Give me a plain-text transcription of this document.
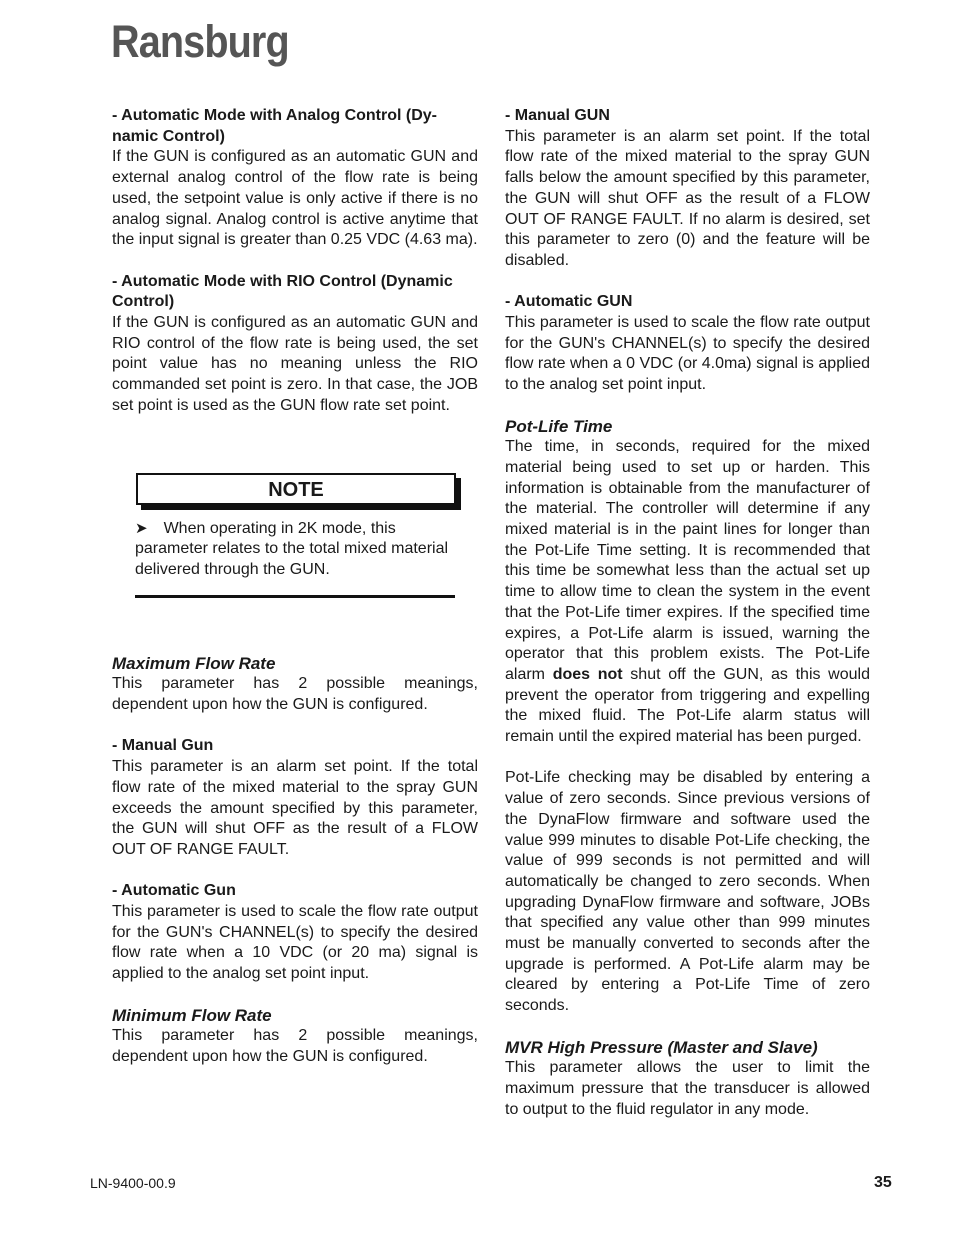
Ransburg

- Automatic Mode with Analog Control (Dy-namic Control)

If the GUN is configured as an automatic GUN and external analog control of the flow rate is being used, the setpoint value is only active if there is no analog signal. Analog control is active anytime that the input signal is greater than 0.25 VDC (4.63 ma).

- Automatic Mode with RIO Control (Dynamic Control)

If the GUN is configured as an automatic GUN and RIO control of the flow rate is being used, the set point value has no meaning unless the RIO commanded set point is zero. In that case, the JOB set point is used as the GUN flow rate set point.

NOTE
➤ When operating in 2K mode, this parameter relates to the total mixed material delivered through the GUN.

Maximum Flow Rate

This parameter has 2 possible meanings, dependent upon how the GUN is configured.

- Manual Gun

This parameter is an alarm set point. If the total flow rate of the mixed material to the spray GUN exceeds the amount specified by this parameter, the GUN will shut OFF as the result of a FLOW OUT OF RANGE FAULT.

- Automatic Gun

This parameter is used to scale the flow rate output for the GUN's CHANNEL(s) to specify the desired flow rate when a 10 VDC (or 20 ma) signal is applied to the analog set point input.

Minimum Flow Rate

This parameter has 2 possible meanings, dependent upon how the GUN is configured.

- Manual GUN

This parameter is an alarm set point. If the total flow rate of the mixed material to the spray GUN falls below the amount specified by this parameter, the GUN will shut OFF as the result of a FLOW OUT OF RANGE FAULT. If no alarm is desired, set this parameter to zero (0) and the feature will be disabled.

- Automatic GUN

This parameter is used to scale the flow rate output for the GUN's CHANNEL(s) to specify the desired flow rate when a 0 VDC (or 4.0ma) signal is applied to the analog set point input.

Pot-Life Time

The time, in seconds, required for the mixed material being used to set up or harden. This information is obtainable from the manufacturer of the material. The controller will determine if any mixed material is in the paint lines for longer than the Pot-Life Time setting. It is recommended that this time be somewhat less than the actual set up time to allow time to clean the system in the event that the Pot-Life timer expires. If the specified time expires, a Pot-Life alarm is issued, warning the operator that this problem exists. The Pot-Life alarm does not shut off the GUN, as this would prevent the operator from triggering and expelling the mixed fluid. The Pot-Life alarm status will remain until the expired material has been purged.

Pot-Life checking may be disabled by entering a value of zero seconds. Since previous versions of the DynaFlow firmware and software used the value 999 minutes to disable Pot-Life checking, the value of 999 seconds is not permitted and will automatically be changed to zero seconds. When upgrading DynaFlow firmware and software, JOBs that specified any value other than 999 minutes must be manually converted to seconds after the upgrade is performed. A Pot-Life alarm may be cleared by entering a Pot-Life Time of zero seconds.

MVR High Pressure (Master and Slave)

This parameter allows the user to limit the maximum pressure that the transducer is allowed to output to the fluid regulator in any mode.

LN-9400-00.9	35
